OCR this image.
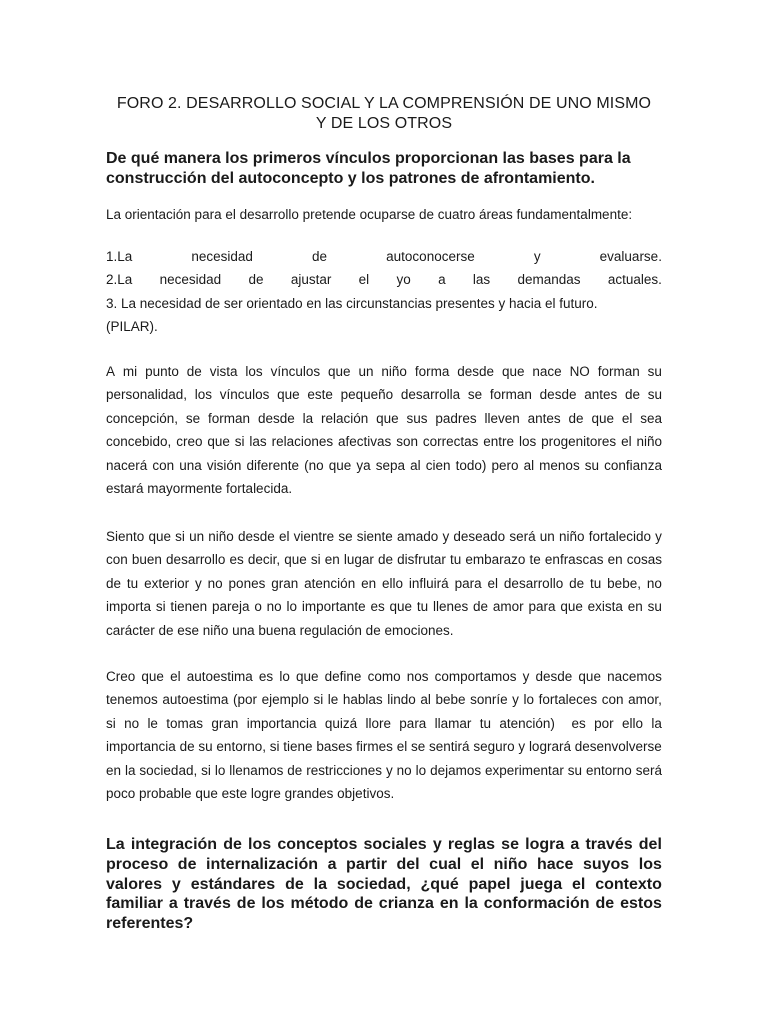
FORO 2. DESARROLLO SOCIAL Y LA COMPRENSIÓN DE UNO MISMO
Y DE LOS OTROS
De qué manera los primeros vínculos proporcionan las bases para la
construcción del autoconcepto y los patrones de afrontamiento.
La orientación para el desarrollo pretende ocuparse de cuatro áreas fundamentalmente:
1.La	necesidad	de	autoconocerse	y	evaluarse.
2.La necesidad de ajustar el yo a las demandas actuales.
3. La necesidad de ser orientado en las circunstancias presentes y hacia el futuro.
(PILAR).
A mi punto de vista los vínculos que un niño forma desde que nace NO forman su
personalidad, los vínculos que este pequeño desarrolla se forman desde antes de su
concepción, se forman desde la relación que sus padres lleven antes de que el sea
concebido, creo que si las relaciones afectivas son correctas entre los progenitores el niño
nacerá con una visión diferente (no que ya sepa al cien todo) pero al menos su confianza
estará mayormente fortalecida.
Siento que si un niño desde el vientre se siente amado y deseado será un niño fortalecido y
con buen desarrollo es decir, que si en lugar de disfrutar tu embarazo te enfrascas en cosas
de tu exterior y no pones gran atención en ello influirá para el desarrollo de tu bebe, no
importa si tienen pareja o no lo importante es que tu llenes de amor para que exista en su
carácter de ese niño una buena regulación de emociones.
Creo que el autoestima es lo que define como nos comportamos y desde que nacemos
tenemos autoestima (por ejemplo si le hablas lindo al bebe sonríe y lo fortaleces con amor,
si no le tomas gran importancia quizá llore para llamar tu atención) es por ello la
importancia de su entorno, si tiene bases firmes el se sentirá seguro y logrará desenvolverse
en la sociedad, si lo llenamos de restricciones y no lo dejamos experimentar su entorno será
poco probable que este logre grandes objetivos.
La integración de los conceptos sociales y reglas se logra a través del
proceso de internalización a partir del cual el niño hace suyos los
valores y estándares de la sociedad, ¿qué papel juega el contexto
familiar a través de los método de crianza en la conformación de estos
referentes?
